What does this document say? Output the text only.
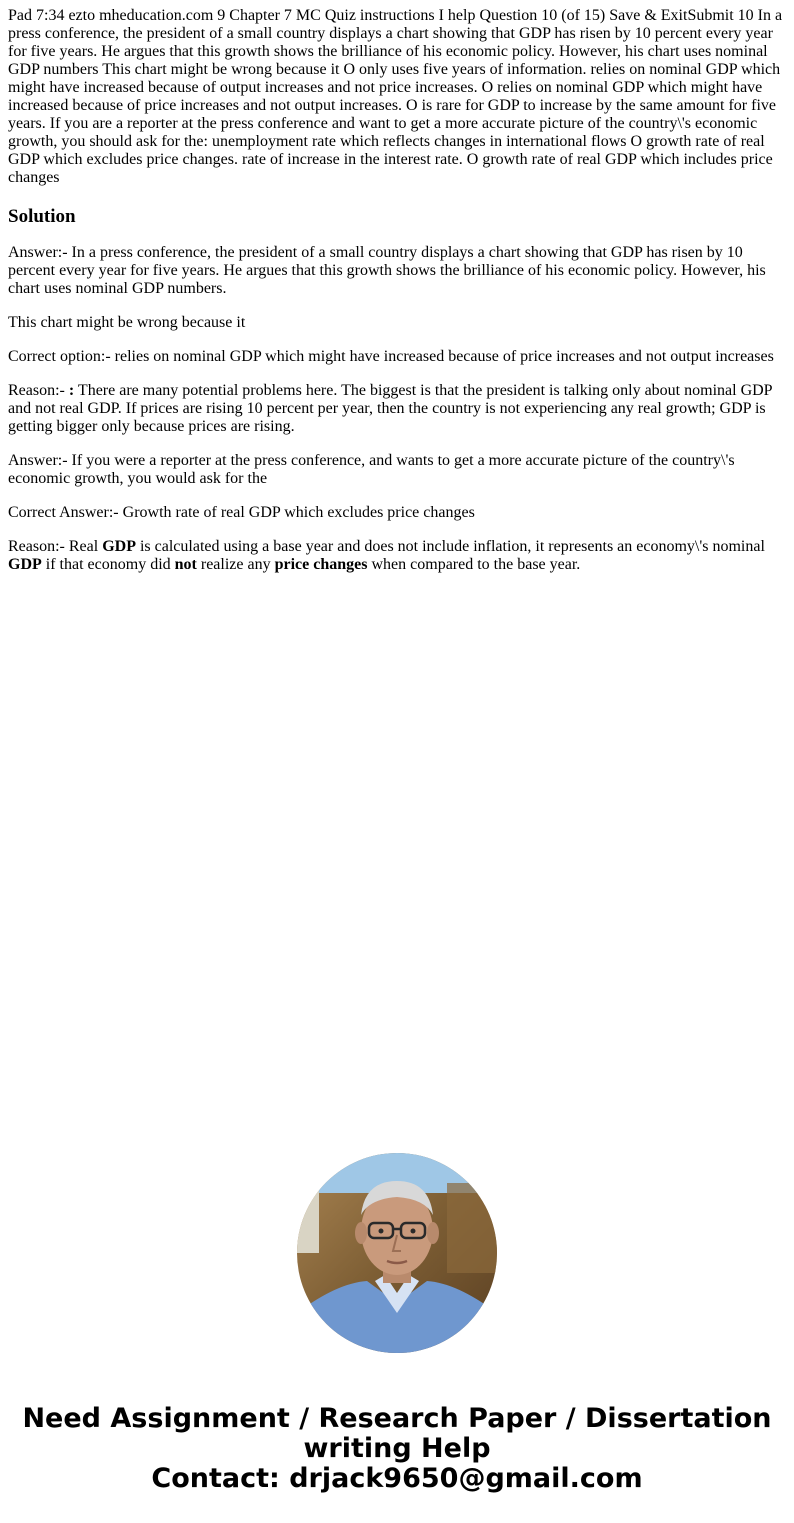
Pad 7:34 ezto mheducation.com 9 Chapter 7 MC Quiz instructions I help Question 10 (of 15) Save & ExitSubmit 10 In a press conference, the president of a small country displays a chart showing that GDP has risen by 10 percent every year for five years. He argues that this growth shows the brilliance of his economic policy. However, his chart uses nominal GDP numbers This chart might be wrong because it O only uses five years of information. relies on nominal GDP which might have increased because of output increases and not price increases. O relies on nominal GDP which might have increased because of price increases and not output increases. O is rare for GDP to increase by the same amount for five years. If you are a reporter at the press conference and want to get a more accurate picture of the country\'s economic growth, you should ask for the: unemployment rate which reflects changes in international flows O growth rate of real GDP which excludes price changes. rate of increase in the interest rate. O growth rate of real GDP which includes price changes
Solution

Answer:- In a press conference, the president of a small country displays a chart showing that GDP has risen by 10 percent every year for five years. He argues that this growth shows the brilliance of his economic policy. However, his chart uses nominal GDP numbers.

This chart might be wrong because it

Correct option:- relies on nominal GDP which might have increased because of price increases and not output increases

Reason:- : There are many potential problems here. The biggest is that the president is talking only about nominal GDP and not real GDP. If prices are rising 10 percent per year, then the country is not experiencing any real growth; GDP is getting bigger only because prices are rising.

Answer:- If you were a reporter at the press conference, and wants to get a more accurate picture of the country\'s economic growth, you would ask for the

Correct Answer:- Growth rate of real GDP which excludes price changes

Reason:- Real GDP is calculated using a base year and does not include inflation, it represents an economy\'s nominal GDP if that economy did not realize any price changes when compared to the base year.

Need Assignment / Research Paper / Dissertation
writing Help
Contact: drjack9650@gmail.com
